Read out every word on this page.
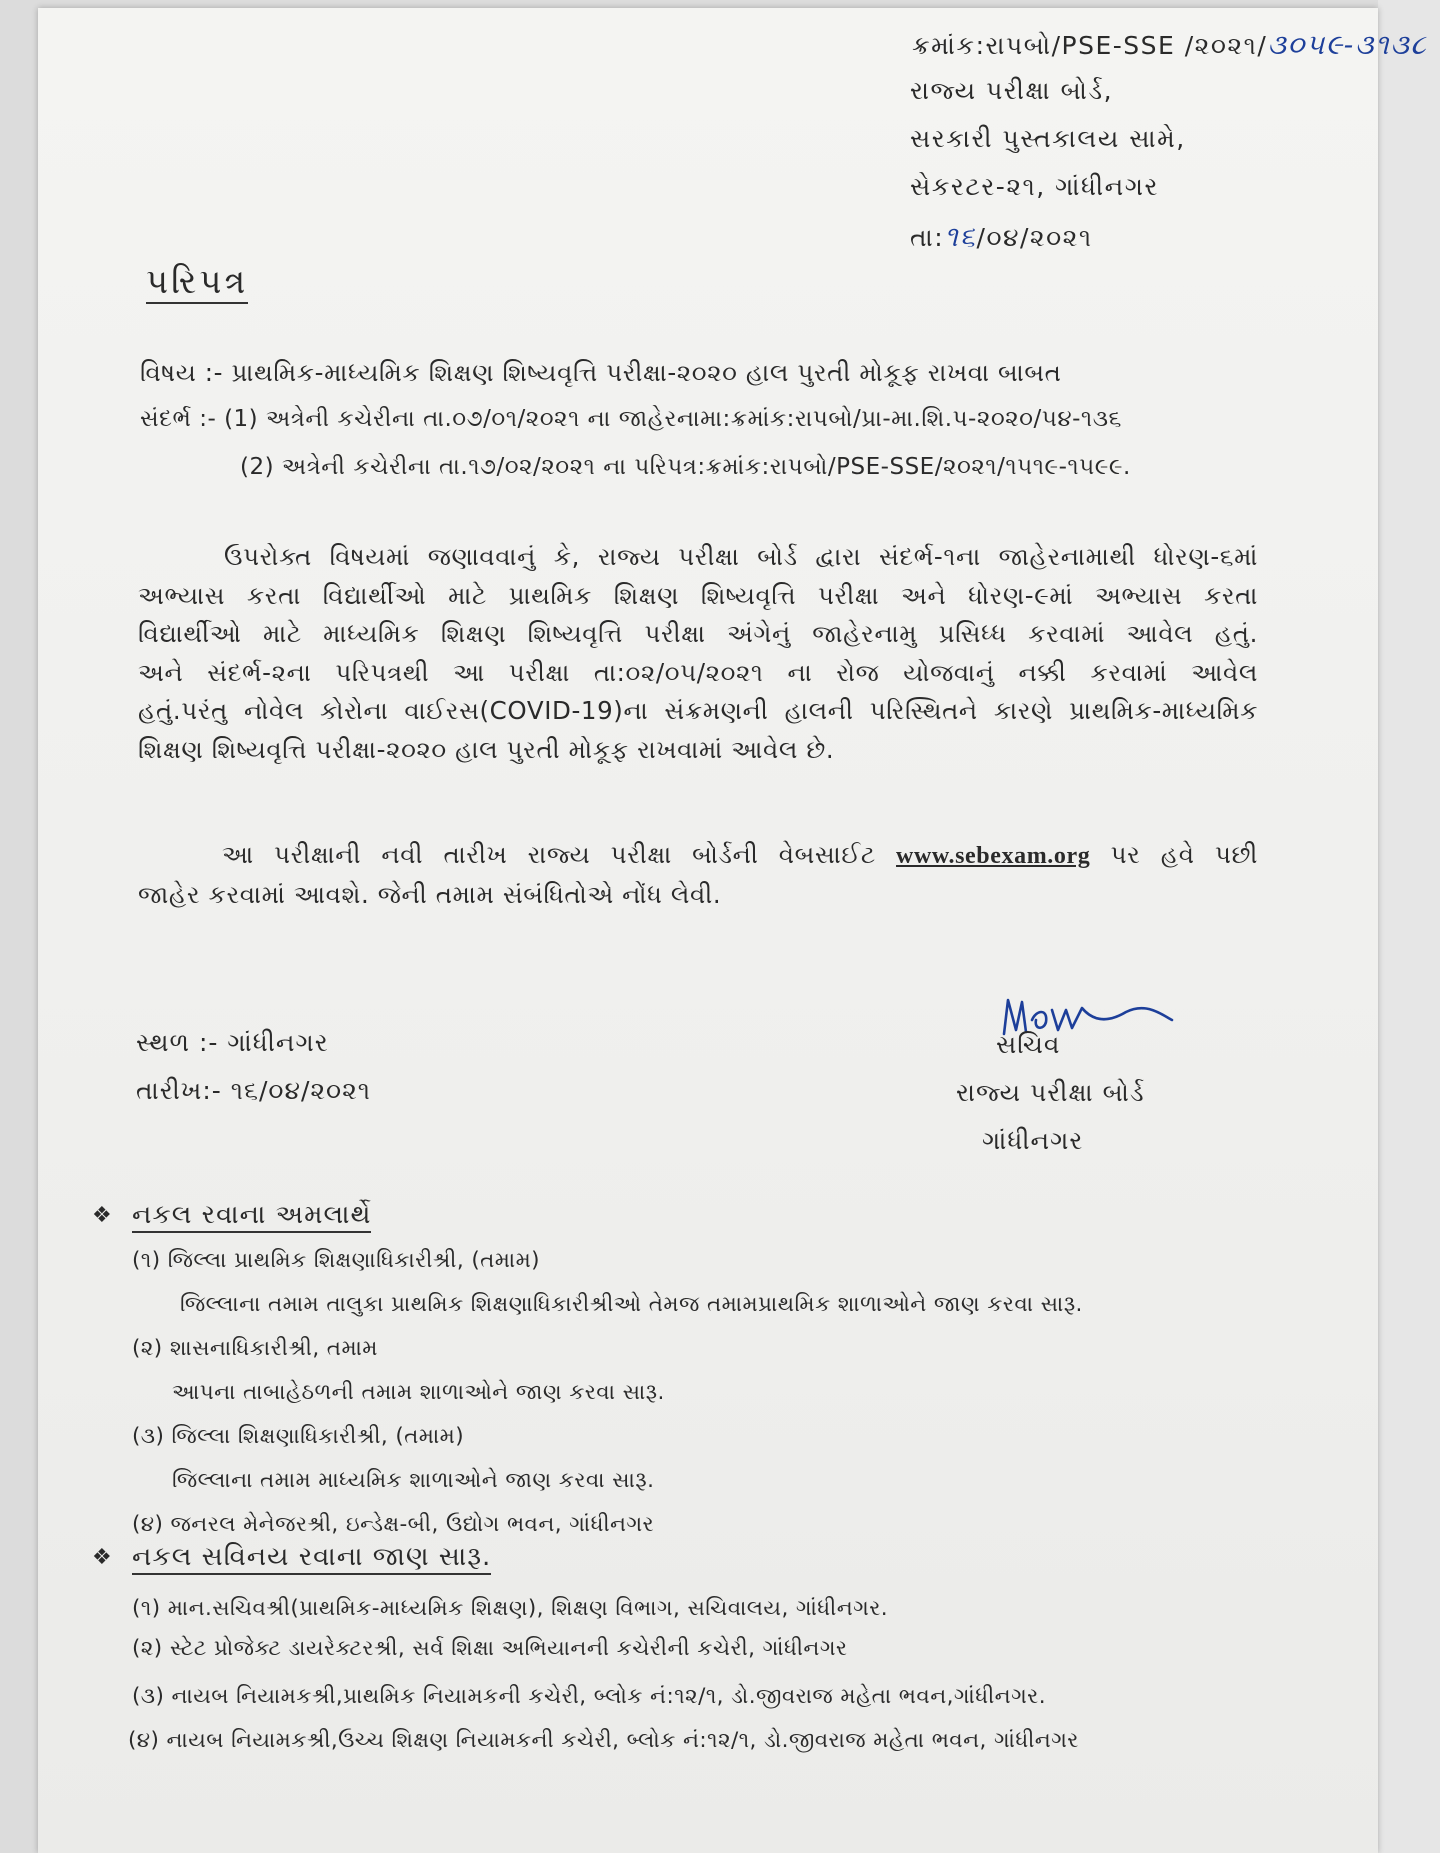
ક્રમાંક:રાપબો/PSE-SSE /૨૦૨૧/૩૦૫૯-૩૧૩૮
રાજ્ય પરીક્ષા બોર્ડ,
સરકારી પુસ્તકાલય સામે,
સેકરટર-૨૧, ગાંધીનગર
તા:૧૬/૦૪/૨૦૨૧
પરિપત્ર
વિષય :- પ્રાથમિક-માધ્યમિક શિક્ષણ શિષ્યવૃત્તિ પરીક્ષા-૨૦૨૦ હાલ પુરતી મોકૂફ રાખવા બાબત
સંદર્ભ :- (1) અત્રેની કચેરીના તા.૦૭/૦૧/૨૦૨૧ ના જાહેરનામા:ક્રમાંક:રાપબો/પ્રા-મા.શિ.પ-૨૦૨૦/૫૪-૧૩૬
(2) અત્રેની કચેરીના તા.૧૭/૦૨/૨૦૨૧ ના પરિપત્ર:ક્રમાંક:રાપબો/PSE-SSE/૨૦૨૧/૧૫૧૯-૧૫૯૯.
ઉપરોક્ત વિષયમાં જણાવવાનું કે, રાજ્ય પરીક્ષા બોર્ડ દ્વારા સંદર્ભ-૧ના જાહેરનામાથી ધોરણ-૬માં
અભ્યાસ કરતા વિદ્યાર્થીઓ માટે પ્રાથમિક શિક્ષણ શિષ્યવૃત્તિ પરીક્ષા અને ધોરણ-૯માં અભ્યાસ કરતા
વિદ્યાર્થીઓ માટે માધ્યમિક શિક્ષણ શિષ્યવૃત્તિ પરીક્ષા અંગેનું જાહેરનામુ પ્રસિધ્ધ કરવામાં આવેલ હતું.
અને સંદર્ભ-૨ના પરિપત્રથી આ પરીક્ષા તા:૦૨/૦૫/૨૦૨૧ ના રોજ યોજવાનું નક્કી કરવામાં આવેલ
હતું.પરંતુ નોવેલ કોરોના વાઈરસ(COVID-19)ના સંક્રમણની હાલની પરિસ્થિતને કારણે પ્રાથમિક-માધ્યમિક
શિક્ષણ શિષ્યવૃત્તિ પરીક્ષા-૨૦૨૦ હાલ પુરતી મોકૂફ રાખવામાં આવેલ છે.
આ પરીક્ષાની નવી તારીખ રાજ્ય પરીક્ષા બોર્ડની વેબસાઈટ www.sebexam.org પર હવે પછી
જાહેર કરવામાં આવશે. જેની તમામ સંબંધિતોએ નોંધ લેવી.
સ્થળ :- ગાંધીનગર
તારીખ:- ૧૬/૦૪/૨૦૨૧
સચિવ
રાજ્ય પરીક્ષા બોર્ડ
ગાંધીનગર
❖ નકલ રવાના અમલાર્થે
(૧) જિલ્લા પ્રાથમિક શિક્ષણાધિકારીશ્રી, (તમામ)
જિલ્લાના તમામ તાલુકા પ્રાથમિક શિક્ષણાધિકારીશ્રીઓ તેમજ તમામપ્રાથમિક શાળાઓને જાણ કરવા સારૂ.
(૨) શાસનાધિકારીશ્રી, તમામ
આપના તાબાહેઠળની તમામ શાળાઓને જાણ કરવા સારૂ.
(૩) જિલ્લા શિક્ષણાધિકારીશ્રી, (તમામ)
જિલ્લાના તમામ માધ્યમિક શાળાઓને જાણ કરવા સારૂ.
(૪) જનરલ મેનેજરશ્રી, ઇન્ડેક્ષ-બી, ઉદ્યોગ ભવન, ગાંધીનગર
❖ નકલ સવિનય રવાના જાણ સારૂ.
(૧) માન.સચિવશ્રી(પ્રાથમિક-માધ્યમિક શિક્ષણ), શિક્ષણ વિભાગ, સચિવાલય, ગાંધીનગર.
(૨) સ્ટેટ પ્રોજેક્ટ ડાયરેક્ટરશ્રી, સર્વ શિક્ષા અભિયાનની કચેરીની કચેરી, ગાંધીનગર
(૩) નાયબ નિયામકશ્રી,પ્રાથમિક નિયામકની કચેરી, બ્લોક નં:૧૨/૧, ડો.જીવરાજ મહેતા ભવન,ગાંધીનગર.
(૪) નાયબ નિયામકશ્રી,ઉચ્ચ શિક્ષણ નિયામકની કચેરી, બ્લોક નં:૧૨/૧, ડો.જીવરાજ મહેતા ભવન, ગાંધીનગર
